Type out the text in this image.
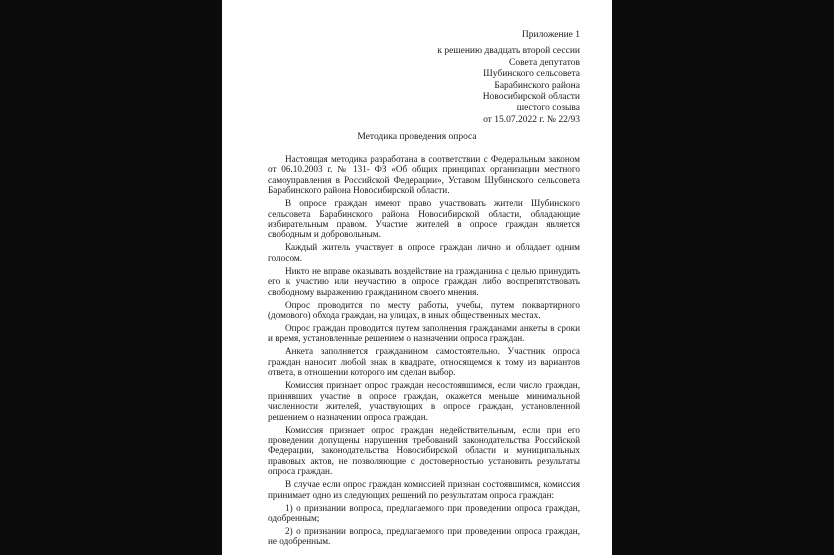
Приложение 1
к решению двадцать второй сессии
Совета депутатов
Шубинского сельсовета
Барабинского района
Новосибирской области
шестого созыва
от 15.07.2022 г. № 22/93
Методика проведения опроса

Настоящая методика разработана в соответствии с Федеральным законом от 06.10.2003 г. № 131- ФЗ «Об общих принципах организации местного самоуправления в Российской Федерации», Уставом Шубинского сельсовета Барабинского района Новосибирской области.

В опросе граждан имеют право участвовать жители Шубинского сельсовета Барабинского района Новосибирской области, обладающие избирательным правом. Участие жителей в опросе граждан является свободным и добровольным.

Каждый житель участвует в опросе граждан лично и обладает одним голосом.

Никто не вправе оказывать воздействие на гражданина с целью принудить его к участию или неучастию в опросе граждан либо воспрепятствовать свободному выражению гражданином своего мнения.

Опрос проводится по месту работы, учебы, путем поквартирного (домового) обхода граждан, на улицах, в иных общественных местах.

Опрос граждан проводится путем заполнения гражданами анкеты в сроки и время, установленные решением о назначении опроса граждан.

Анкета заполняется гражданином самостоятельно. Участник опроса граждан наносит любой знак в квадрате, относящемся к тому из вариантов ответа, в отношении которого им сделан выбор.

Комиссия признает опрос граждан несостоявшимся, если число граждан, принявших участие в опросе граждан, окажется меньше минимальной численности жителей, участвующих в опросе граждан, установленной решением о назначении опроса граждан.

Комиссия признает опрос граждан недействительным, если при его проведении допущены нарушения требований законодательства Российской Федерации, законодательства Новосибирской области и муниципальных правовых актов, не позволяющие с достоверностью установить результаты опроса граждан.

В случае если опрос граждан комиссией признан состоявшимся, комиссия принимает одно из следующих решений по результатам опроса граждан:

1) о признании вопроса, предлагаемого при проведении опроса граждан, одобренным;

2) о признании вопроса, предлагаемого при проведении опроса граждан, не одобренным.
